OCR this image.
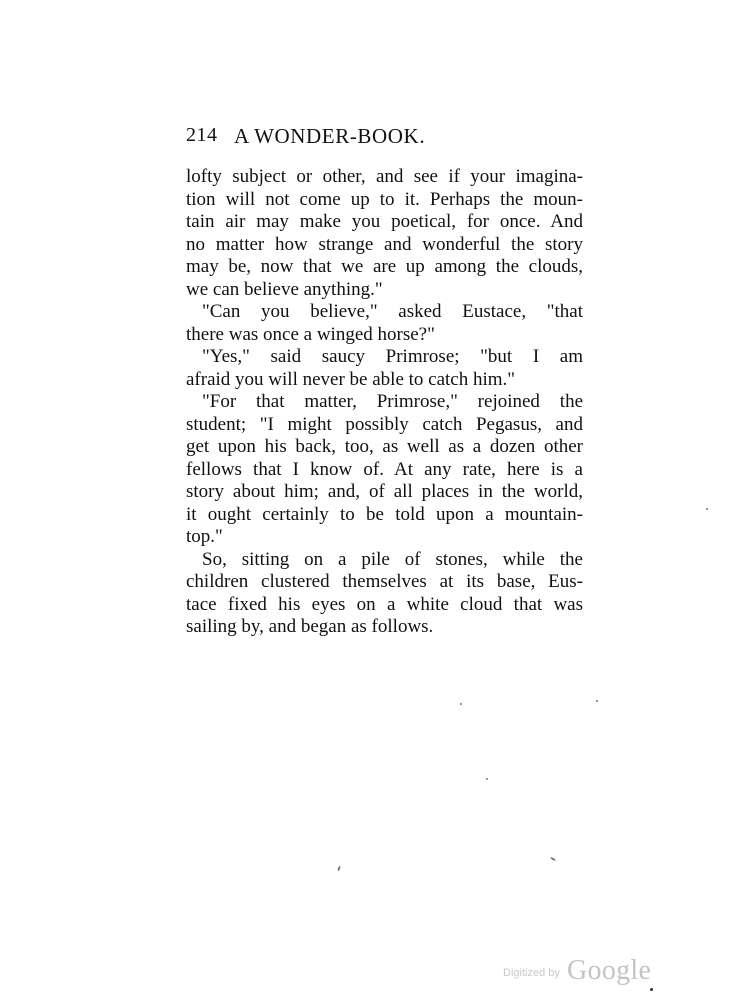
214 A WONDER-BOOK.
lofty subject or other, and see if your imagina-
tion will not come up to it. Perhaps the moun-
tain air may make you poetical, for once. And
no matter how strange and wonderful the story
may be, now that we are up among the clouds,
we can believe anything."
"Can you believe," asked Eustace, "that
there was once a winged horse?"
"Yes," said saucy Primrose; "but I am
afraid you will never be able to catch him."
"For that matter, Primrose," rejoined the
student; "I might possibly catch Pegasus, and
get upon his back, too, as well as a dozen other
fellows that I know of. At any rate, here is a
story about him; and, of all places in the world,
it ought certainly to be told upon a mountain-
top."
So, sitting on a pile of stones, while the
children clustered themselves at its base, Eus-
tace fixed his eyes on a white cloud that was
sailing by, and began as follows.
Digitized by Google
